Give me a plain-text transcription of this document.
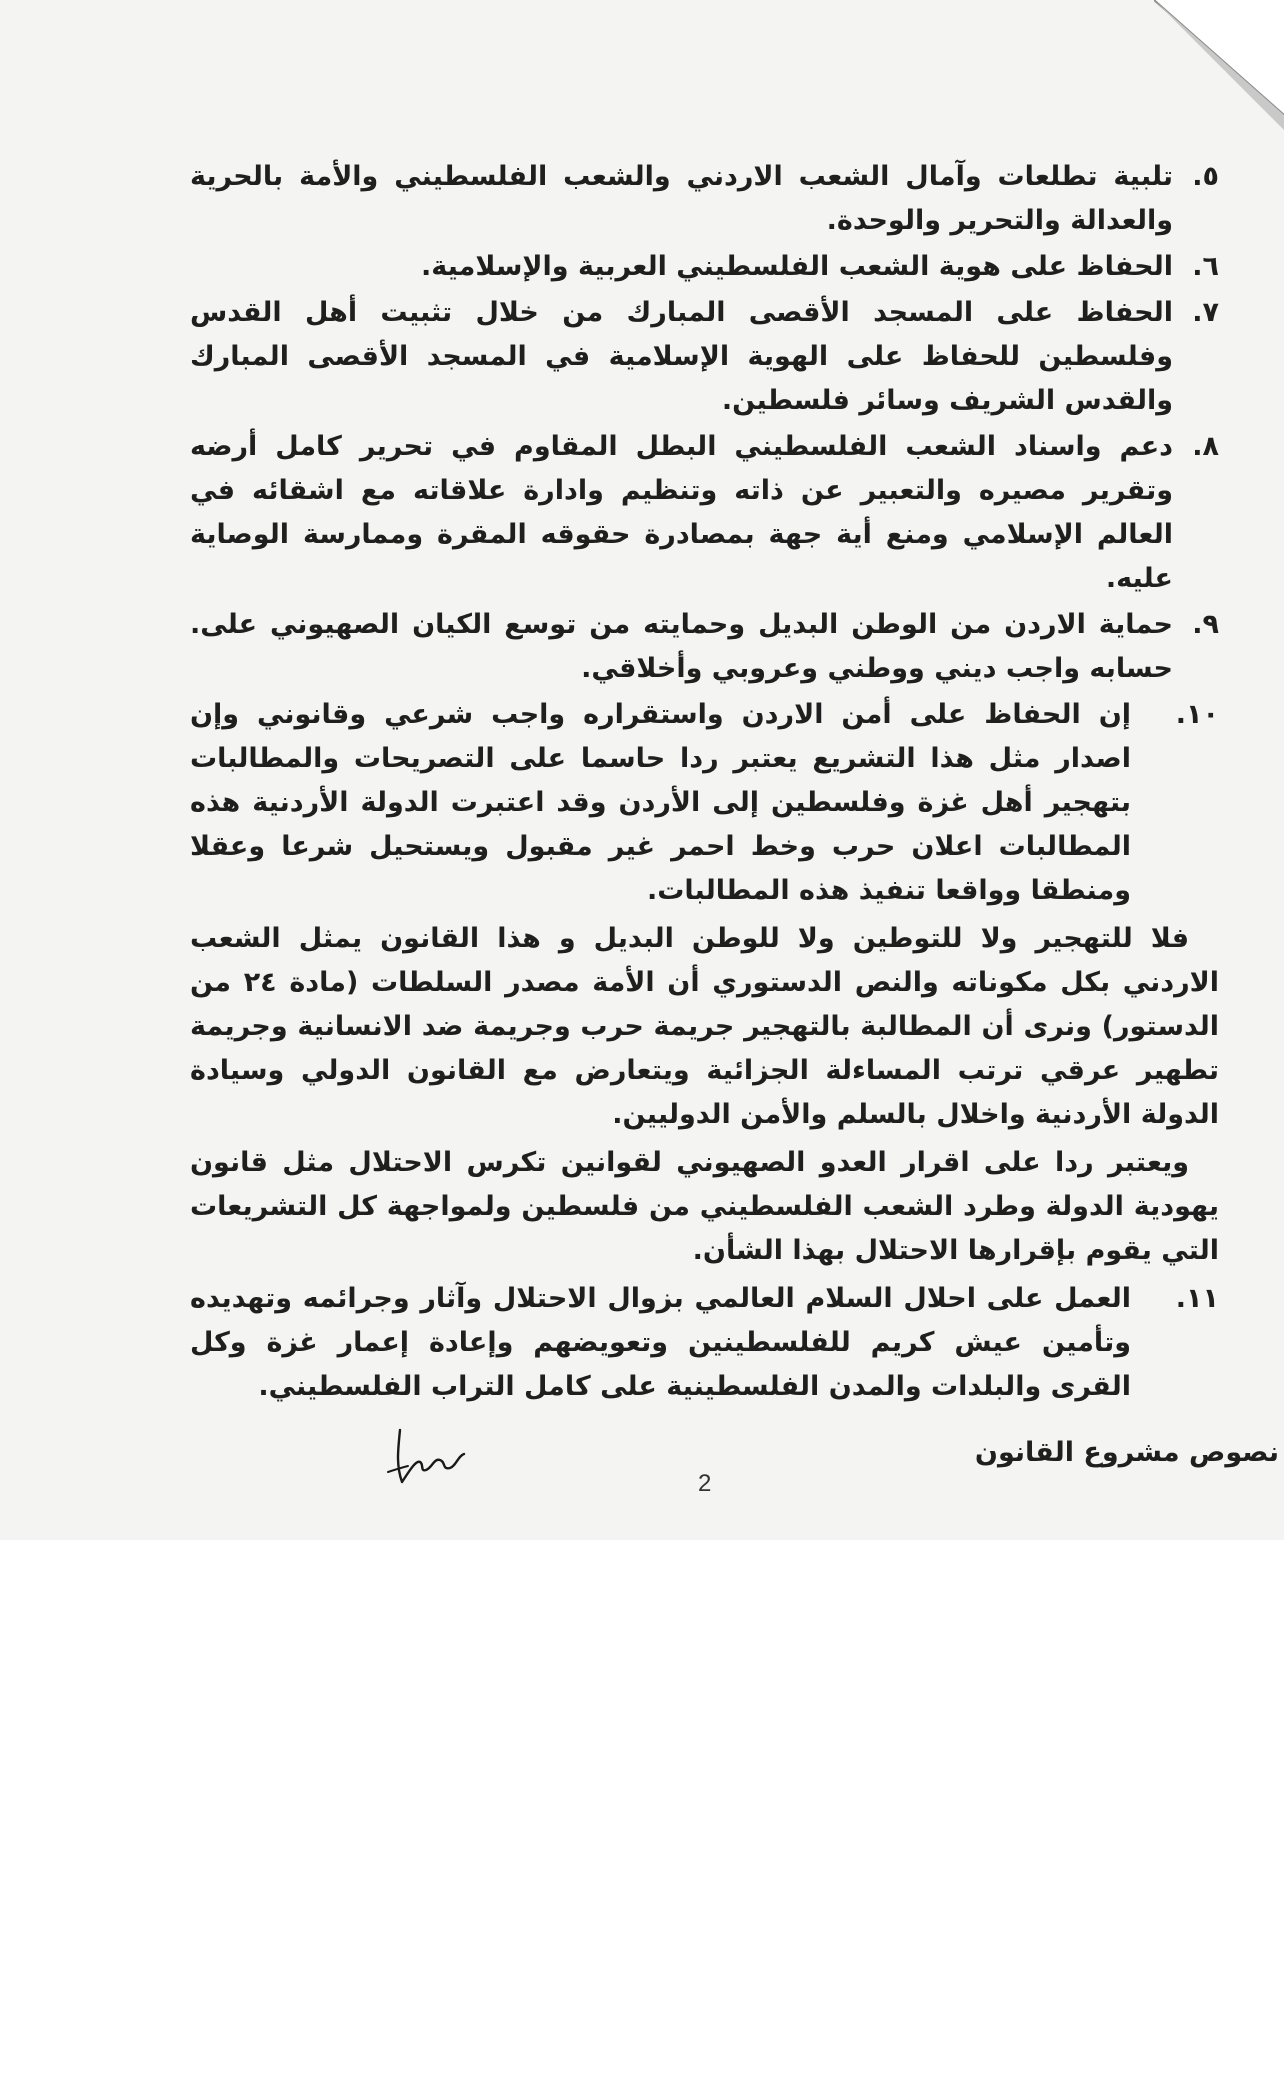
٥.
تلبية تطلعات وآمال الشعب الاردني والشعب الفلسطيني والأمة بالحرية والعدالة والتحرير والوحدة.
٦.
الحفاظ على هوية الشعب الفلسطيني العربية والإسلامية.
٧.
الحفاظ على المسجد الأقصى المبارك من خلال تثبيت أهل القدس وفلسطين للحفاظ على الهوية الإسلامية في المسجد الأقصى المبارك والقدس الشريف وسائر فلسطين.
٨.
دعم واسناد الشعب الفلسطيني البطل المقاوم في تحرير كامل أرضه وتقرير مصيره والتعبير عن ذاته وتنظيم وادارة علاقاته مع اشقائه في العالم الإسلامي ومنع أية جهة بمصادرة حقوقه المقرة وممارسة الوصاية عليه.
٩.
حماية الاردن من الوطن البديل وحمايته من توسع الكيان الصهيوني على. حسابه واجب ديني ووطني وعروبي وأخلاقي.
١٠.
إن الحفاظ على أمن الاردن واستقراره واجب شرعي وقانوني وإن اصدار مثل هذا التشريع يعتبر ردا حاسما على التصريحات والمطالبات بتهجير أهل غزة وفلسطين إلى الأردن وقد اعتبرت الدولة الأردنية هذه المطالبات اعلان حرب وخط احمر غير مقبول ويستحيل شرعا وعقلا ومنطقا وواقعا تنفيذ هذه المطالبات.

فلا للتهجير ولا للتوطين ولا للوطن البديل و هذا القانون يمثل الشعب الاردني بكل مكوناته والنص الدستوري أن الأمة مصدر السلطات (مادة ٢٤ من الدستور) ونرى أن المطالبة بالتهجير جريمة حرب وجريمة ضد الانسانية وجريمة تطهير عرقي ترتب المساءلة الجزائية ويتعارض مع القانون الدولي وسيادة الدولة الأردنية واخلال بالسلم والأمن الدوليين.

ويعتبر ردا على اقرار العدو الصهيوني لقوانين تكرس الاحتلال مثل قانون يهودية الدولة وطرد الشعب الفلسطيني من فلسطين ولمواجهة كل التشريعات التي يقوم بإقرارها الاحتلال بهذا الشأن.

١١.
العمل على احلال السلام العالمي بزوال الاحتلال وآثار وجرائمه وتهديده وتأمين عيش كريم للفلسطينين وتعويضهم وإعادة إعمار غزة وكل القرى والبلدات والمدن الفلسطينية على كامل التراب الفلسطيني.
نصوص مشروع القانون
2
